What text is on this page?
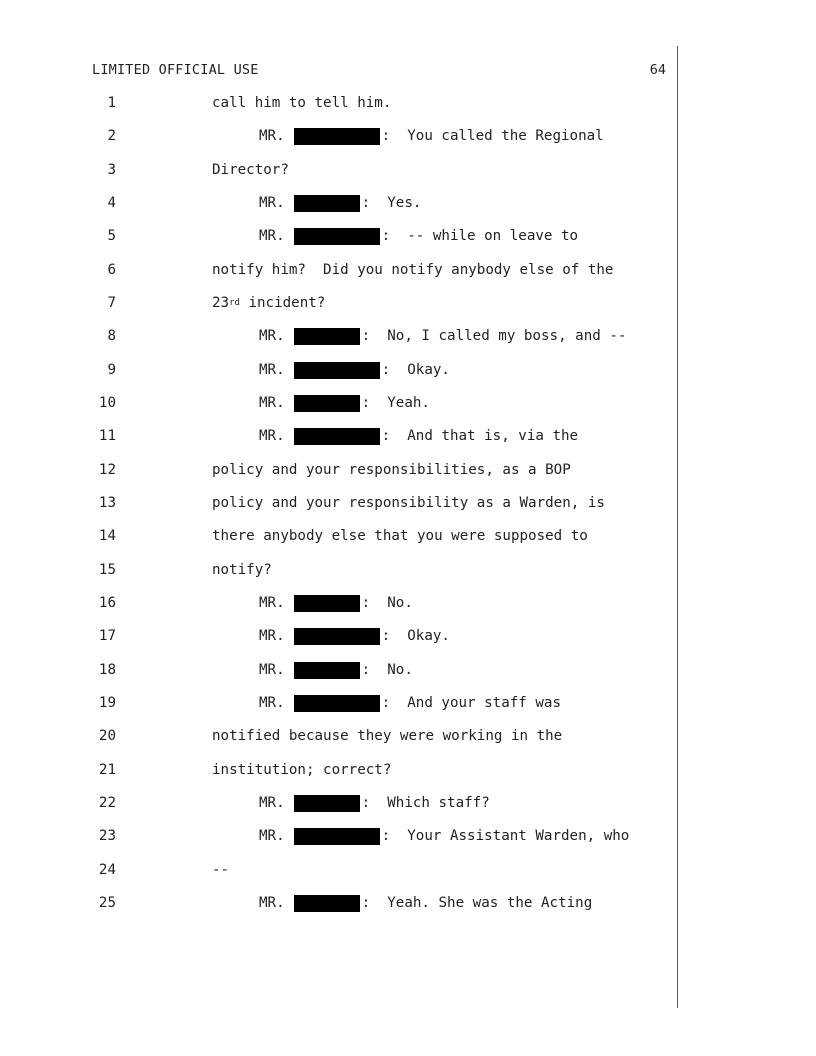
LIMITED OFFICIAL USE	64
1	call him to tell him.
2	MR.	:  You called the Regional
3	Director?
4	MR.	:  Yes.
5	MR.	:  -- while on leave to
6	notify him?  Did you notify anybody else of the
7	23 rd incident?
8	MR.	:  No, I called my boss, and --
9	MR.	:  Okay.
10	MR.	:  Yeah.
11	MR.	:  And that is, via the
12	policy and your responsibilities, as a BOP
13	policy and your responsibility as a Warden, is
14	there anybody else that you were supposed to
15	notify?
16	MR.	:  No.
17	MR.	:  Okay.
18	MR.	:  No.
19	MR.	:  And your staff was
20	notified because they were working in the
21	institution; correct?
22	MR.	:  Which staff?
23	MR.	:  Your Assistant Warden, who
24	--
25	MR.	:  Yeah. She was the Acting
